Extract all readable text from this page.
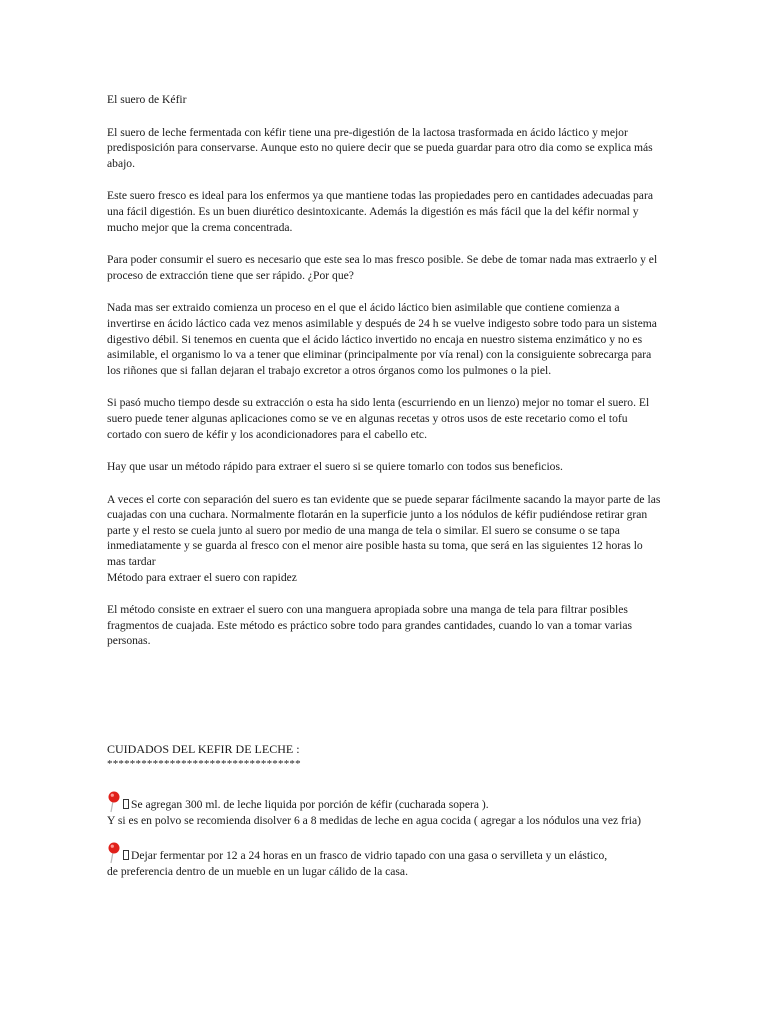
El suero de Kéfir

El suero de leche fermentada con kéfir tiene una pre-digestión de la lactosa trasformada en ácido láctico y mejor predisposición para conservarse. Aunque esto no quiere decir que se pueda guardar para otro dia como se explica más abajo.

Este suero fresco es ideal para los enfermos ya que mantiene todas las propiedades pero en cantidades adecuadas para una fácil digestión. Es un buen diurético desintoxicante. Además la digestión es más fácil que la del kéfir normal y mucho mejor que la crema concentrada.

Para poder consumir el suero es necesario que este sea lo mas fresco posible. Se debe de tomar nada mas extraerlo y el proceso de extracción tiene que ser rápido. ¿Por que?

Nada mas ser extraido comienza un proceso en el que el ácido láctico bien asimilable que contiene comienza a invertirse en ácido láctico cada vez menos asimilable y después de 24 h se vuelve indigesto sobre todo para un sistema digestivo débil. Si tenemos en cuenta que el ácido láctico invertido no encaja en nuestro sistema enzimático y no es asimilable, el organismo lo va a tener que eliminar (principalmente por vía renal) con la consiguiente sobrecarga para los riñones que si fallan dejaran el trabajo excretor a otros órganos como los pulmones o la piel.

Si pasó mucho tiempo desde su extracción o esta ha sido lenta (escurriendo en un lienzo) mejor no tomar el suero. El suero puede tener algunas aplicaciones como se ve en algunas recetas y otros usos de este recetario como el tofu cortado con suero de kéfir y los acondicionadores para el cabello etc.

Hay que usar un método rápido para extraer el suero si se quiere tomarlo con todos sus beneficios.

A veces el corte con separación del suero es tan evidente que se puede separar fácilmente sacando la mayor parte de las cuajadas con una cuchara. Normalmente flotarán en la superficie junto a los nódulos de kéfir pudiéndose retirar gran parte y el resto se cuela junto al suero por medio de una manga de tela o similar. El suero se consume o se tapa inmediatamente y se guarda al fresco con el menor aire posible hasta su toma, que será en las siguientes 12 horas lo mas tardar
Método para extraer el suero con rapidez

El método consiste en extraer el suero con una manguera apropiada sobre una manga de tela para filtrar posibles fragmentos de cuajada. Este método es práctico sobre todo para grandes cantidades, cuando lo van a tomar varias personas.

CUIDADOS DEL KEFIR DE LECHE :

**********************************

Se agregan 300 ml. de leche liquida por porción de kéfir (cucharada sopera ).
Y si es en polvo se recomienda disolver 6 a 8 medidas de leche en agua cocida ( agregar a los nódulos una vez fria)
Dejar fermentar por 12 a 24 horas en un frasco de vidrio tapado con una gasa o servilleta y un elástico,
de preferencia dentro de un mueble en un lugar cálido de la casa.
